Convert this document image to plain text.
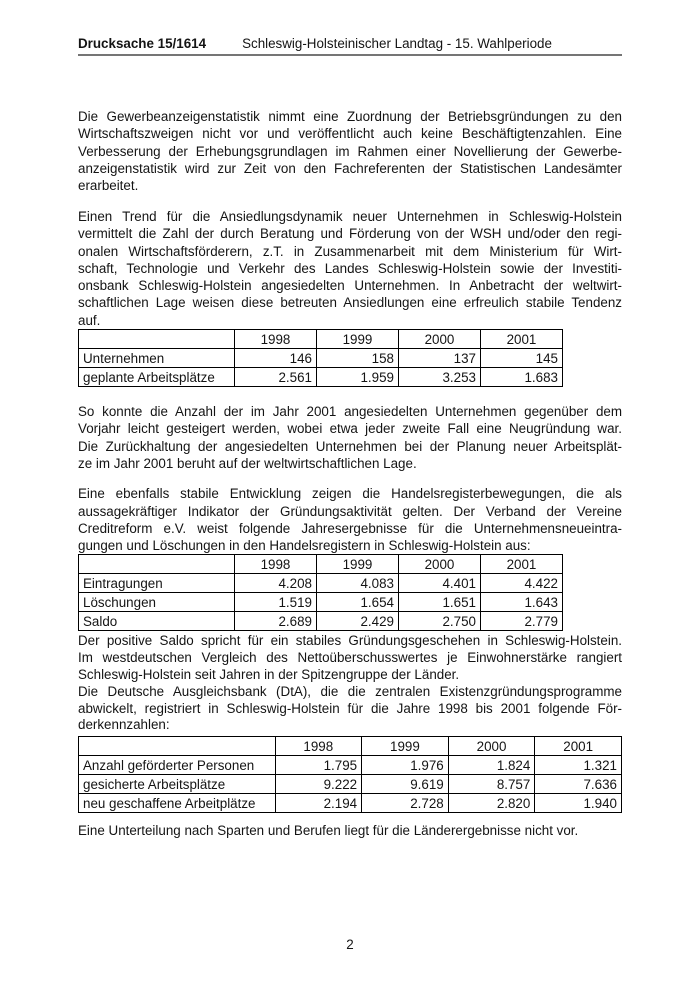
Drucksache 15/1614	Schleswig-Holsteinischer Landtag - 15. Wahlperiode
Die Gewerbeanzeigenstatistik nimmt eine Zuordnung der Betriebsgründungen zu den
Wirtschaftszweigen nicht vor und veröffentlicht auch keine Beschäftigtenzahlen. Eine
Verbesserung der Erhebungsgrundlagen im Rahmen einer Novellierung der Gewerbe-
anzeigenstatistik wird zur Zeit von den Fachreferenten der Statistischen Landesämter
erarbeitet.
Einen Trend für die Ansiedlungsdynamik neuer Unternehmen in Schleswig-Holstein
vermittelt die Zahl der durch Beratung und Förderung von der WSH und/oder den regi-
onalen Wirtschaftsförderern, z.T. in Zusammenarbeit mit dem Ministerium für Wirt-
schaft, Technologie und Verkehr des Landes Schleswig-Holstein sowie der Investiti-
onsbank Schleswig-Holstein angesiedelten Unternehmen. In Anbetracht der weltwirt-
schaftlichen Lage weisen diese betreuten Ansiedlungen eine erfreulich stabile Tendenz
auf.
	1998	1999	2000	2001
Unternehmen	146	158	137	145
geplante Arbeitsplätze	2.561	1.959	3.253	1.683
So konnte die Anzahl der im Jahr 2001 angesiedelten Unternehmen gegenüber dem
Vorjahr leicht gesteigert werden, wobei etwa jeder zweite Fall eine Neugründung war.
Die Zurückhaltung der angesiedelten Unternehmen bei der Planung neuer Arbeitsplät-
ze im Jahr 2001 beruht auf der weltwirtschaftlichen Lage.
Eine ebenfalls stabile Entwicklung zeigen die Handelsregisterbewegungen, die als
aussagekräftiger Indikator der Gründungsaktivität gelten. Der Verband der Vereine
Creditreform e.V. weist folgende Jahresergebnisse für die Unternehmensneueintra-
gungen und Löschungen in den Handelsregistern in Schleswig-Holstein aus:
	1998	1999	2000	2001
Eintragungen	4.208	4.083	4.401	4.422
Löschungen	1.519	1.654	1.651	1.643
Saldo	2.689	2.429	2.750	2.779
Der positive Saldo spricht für ein stabiles Gründungsgeschehen in Schleswig-Holstein.
Im westdeutschen Vergleich des Nettoüberschusswertes je Einwohnerstärke rangiert
Schleswig-Holstein seit Jahren in der Spitzengruppe der Länder.
Die Deutsche Ausgleichsbank (DtA), die die zentralen Existenzgründungsprogramme
abwickelt, registriert in Schleswig-Holstein für die Jahre 1998 bis 2001 folgende För-
derkennzahlen:
	1998	1999	2000	2001
Anzahl geförderter Personen	1.795	1.976	1.824	1.321
gesicherte Arbeitsplätze	9.222	9.619	8.757	7.636
neu geschaffene Arbeitplätze	2.194	2.728	2.820	1.940
Eine Unterteilung nach Sparten und Berufen liegt für die Länderergebnisse nicht vor.
2
